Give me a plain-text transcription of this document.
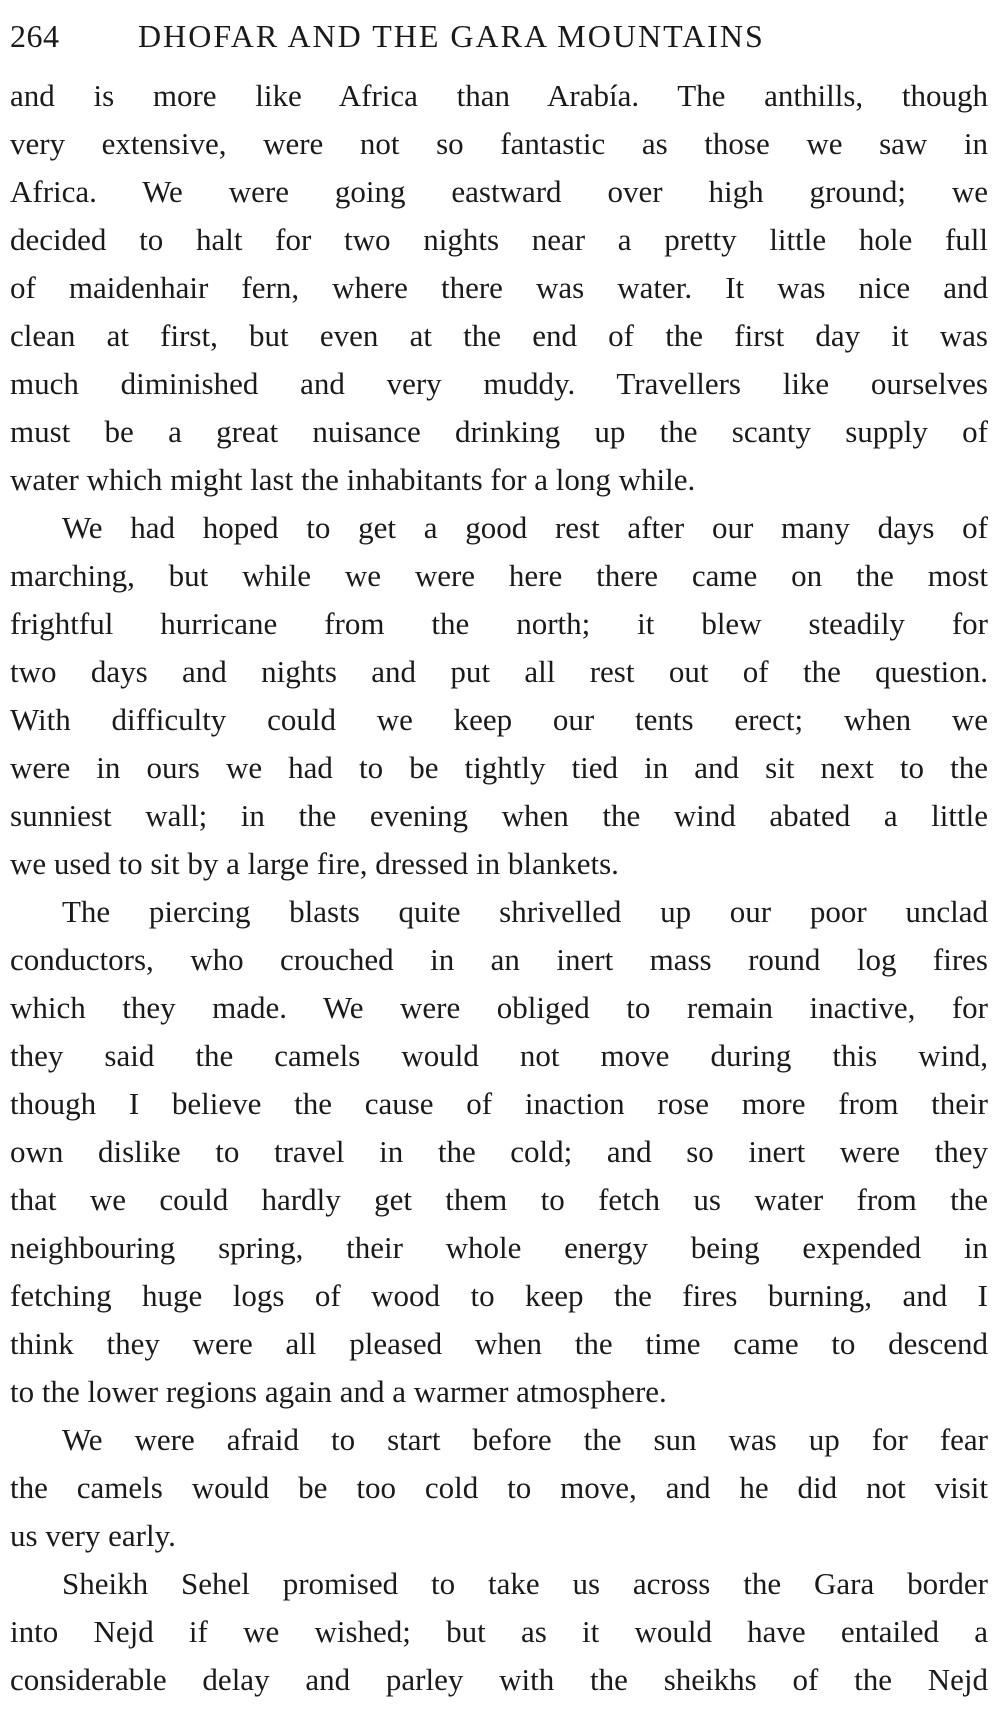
264 DHOFAR AND THE GARA MOUNTAINS
and is more like Africa than Arabía. The anthills, though
very extensive, were not so fantastic as those we saw in
Africa. We were going eastward over high ground; we
decided to halt for two nights near a pretty little hole full
of maidenhair fern, where there was water. It was nice and
clean at first, but even at the end of the first day it was
much diminished and very muddy. Travellers like ourselves
must be a great nuisance drinking up the scanty supply of
water which might last the inhabitants for a long while.
We had hoped to get a good rest after our many days of
marching, but while we were here there came on the most
frightful hurricane from the north; it blew steadily for
two days and nights and put all rest out of the question.
With difficulty could we keep our tents erect; when we
were in ours we had to be tightly tied in and sit next to the
sunniest wall; in the evening when the wind abated a little
we used to sit by a large fire, dressed in blankets.
The piercing blasts quite shrivelled up our poor unclad
conductors, who crouched in an inert mass round log fires
which they made. We were obliged to remain inactive, for
they said the camels would not move during this wind,
though I believe the cause of inaction rose more from their
own dislike to travel in the cold; and so inert were they
that we could hardly get them to fetch us water from the
neighbouring spring, their whole energy being expended in
fetching huge logs of wood to keep the fires burning, and I
think they were all pleased when the time came to descend
to the lower regions again and a warmer atmosphere.
We were afraid to start before the sun was up for fear
the camels would be too cold to move, and he did not visit
us very early.
Sheikh Sehel promised to take us across the Gara border
into Nejd if we wished; but as it would have entailed a
considerable delay and parley with the sheikhs of the Nejd
